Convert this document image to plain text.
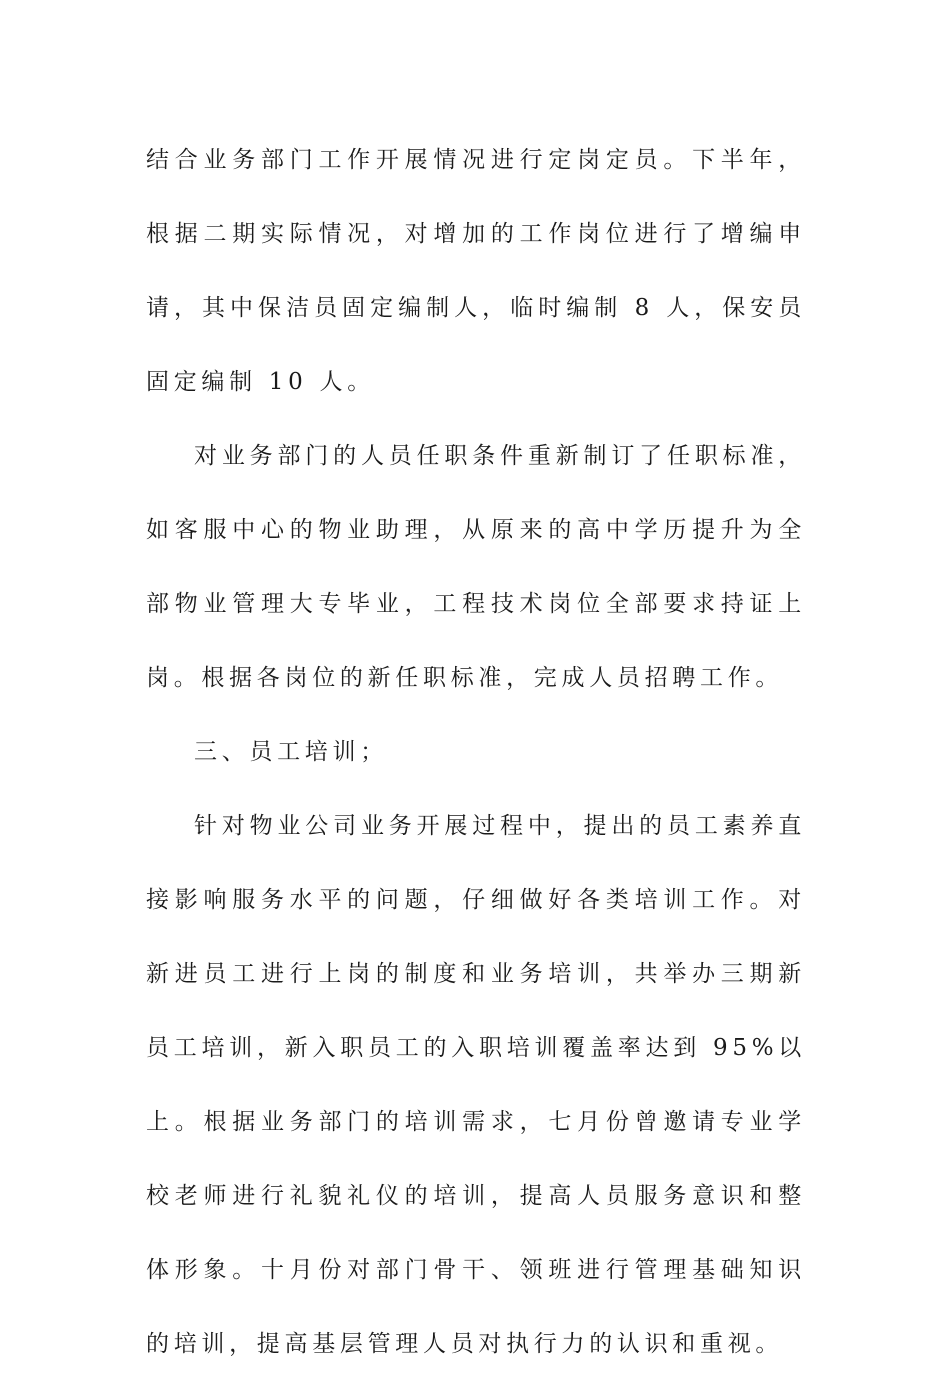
结合业务部门工作开展情况进行定岗定员。下半年，根据二期实际情况，对增加的工作岗位进行了增编申请，其中保洁员固定编制人，临时编制 8 人，保安员固定编制 10 人。

对业务部门的人员任职条件重新制订了任职标准，如客服中心的物业助理，从原来的高中学历提升为全部物业管理大专毕业，工程技术岗位全部要求持证上岗。根据各岗位的新任职标准，完成人员招聘工作。

三、员工培训；

针对物业公司业务开展过程中，提出的员工素养直接影响服务水平的问题，仔细做好各类培训工作。对新进员工进行上岗的制度和业务培训，共举办三期新员工培训，新入职员工的入职培训覆盖率达到 95%以上。根据业务部门的培训需求，七月份曾邀请专业学校老师进行礼貌礼仪的培训，提高人员服务意识和整体形象。十月份对部门骨干、领班进行管理基础知识的培训，提高基层管理人员对执行力的认识和重视。
